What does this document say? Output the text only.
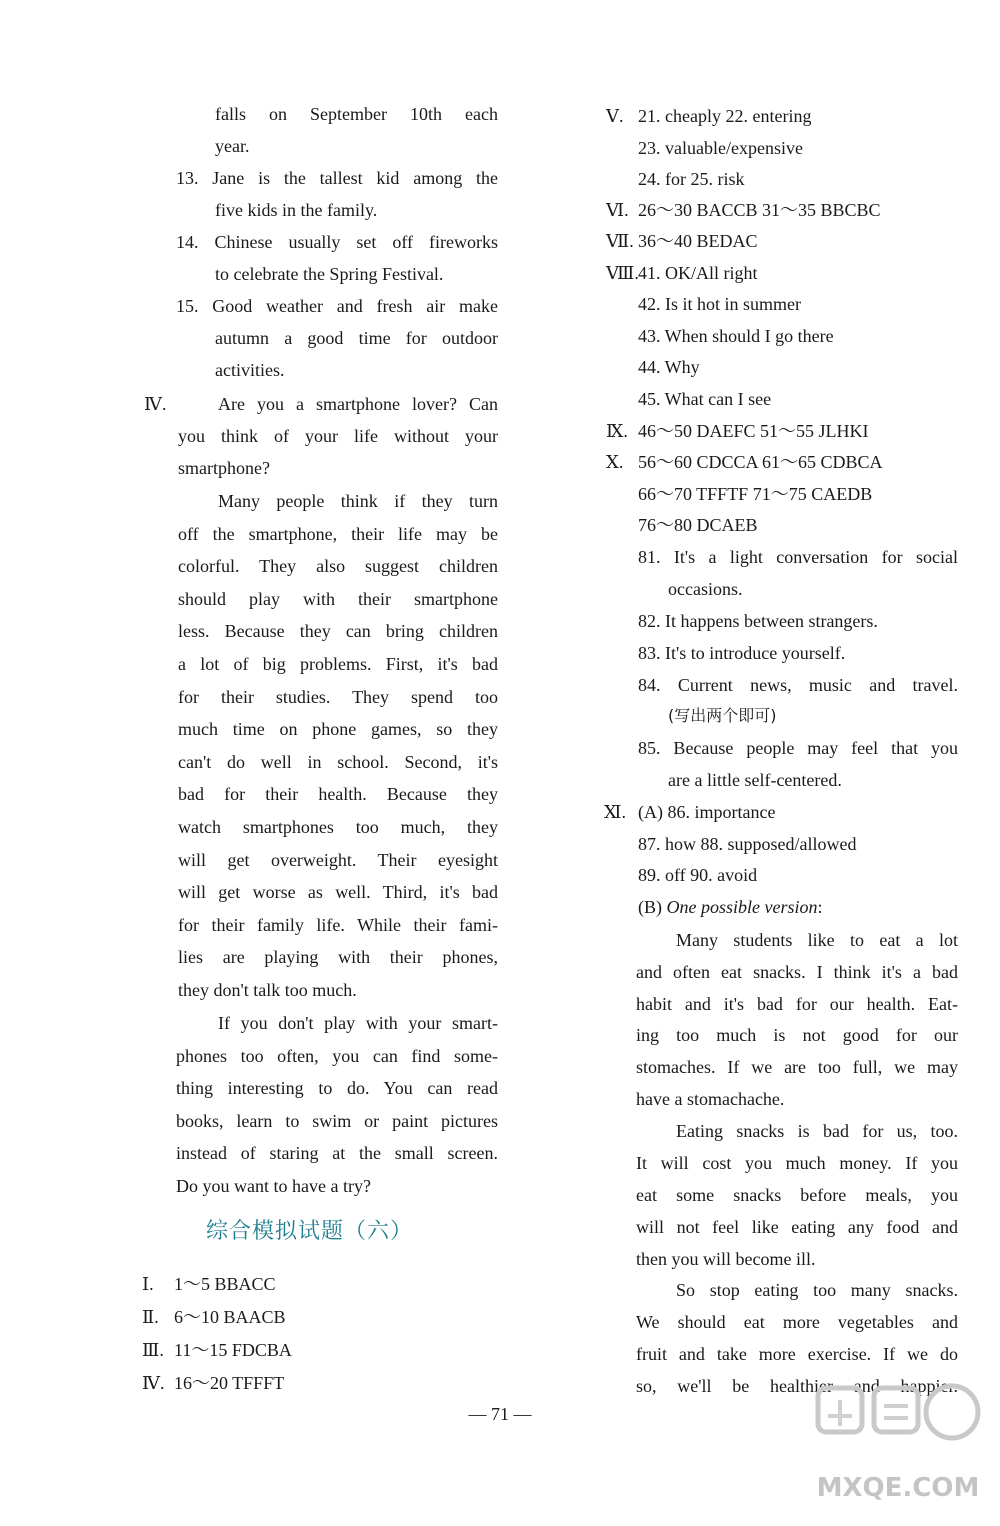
falls on September 10th each
year.
13. Jane is the tallest kid among the
five kids in the family.
14. Chinese usually set off fireworks
to celebrate the Spring Festival.
15. Good weather and fresh air make
autumn a good time for outdoor
activities.
Ⅳ.	Are you a smartphone lover? Can
you think of your life without your
smartphone?
Many people think if they turn
off the smartphone, their life may be
colorful. They also suggest children
should play with their smartphone
less. Because they can bring children
a lot of big problems. First, it's bad
for their studies. They spend too
much time on phone games, so they
can't do well in school. Second, it's
bad for their health. Because they
watch smartphones too much, they
will get overweight. Their eyesight
will get worse as well. Third, it's bad
for their family life. While their fami-
lies are playing with their phones,
they don't talk too much.
If you don't play with your smart-
phones too often, you can find some-
thing interesting to do. You can read
books, learn to swim or paint pictures
instead of staring at the small screen.
Do you want to have a try?
综合模拟试题（六）
Ⅰ. 1～5 BBACC
Ⅱ. 6～10 BAACB
Ⅲ. 11～15 FDCBA
Ⅳ. 16～20 TFFFT
Ⅴ. 21. cheaply 22. entering
23. valuable/expensive
24. for 25. risk
Ⅵ. 26～30 BACCB 31～35 BBCBC
Ⅶ. 36～40 BEDAC
Ⅷ. 41. OK/All right
42. Is it hot in summer
43. When should I go there
44. Why
45. What can I see
Ⅸ. 46～50 DAEFC 51～55 JLHKI
Ⅹ. 56～60 CDCCA 61～65 CDBCA
66～70 TFFTF 71～75 CAEDB
76～80 DCAEB
81. It's a light conversation for social
occasions.
82. It happens between strangers.
83. It's to introduce yourself.
84. Current news, music and travel.
(写出两个即可)
85. Because people may feel that you
are a little self-centered.
Ⅺ. (A) 86. importance
87. how 88. supposed/allowed
89. off 90. avoid
(B) One possible version:
Many students like to eat a lot
and often eat snacks. I think it's a bad
habit and it's bad for our health. Eat-
ing too much is not good for our
stomaches. If we are too full, we may
have a stomachache.
Eating snacks is bad for us, too.
It will cost you much money. If you
eat some snacks before meals, you
will not feel like eating any food and
then you will become ill.
So stop eating too many snacks.
We should eat more vegetables and
fruit and take more exercise. If we do
so, we'll be healthier and happier.
— 71 —
MXQE.COM
